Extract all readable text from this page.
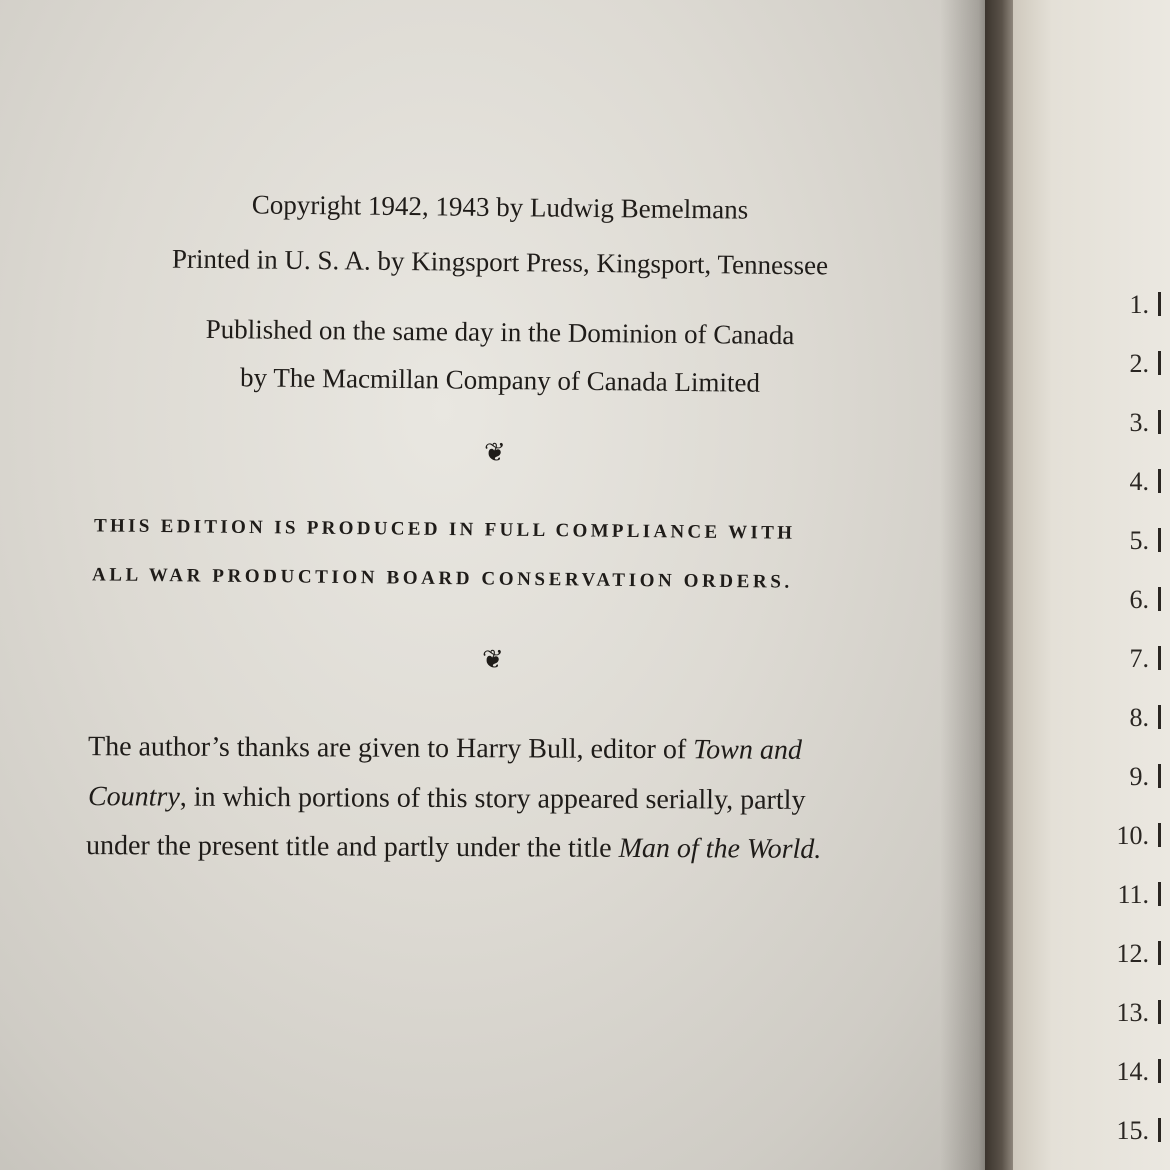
Copyright 1942, 1943 by Ludwig Bemelmans
Printed in U. S. A. by Kingsport Press, Kingsport, Tennessee
Published on the same day in the Dominion of Canada
by The Macmillan Company of Canada Limited
❦
THIS EDITION IS PRODUCED IN FULL COMPLIANCE WITH
ALL WAR PRODUCTION BOARD CONSERVATION ORDERS.
❦
The author’s thanks are given to Harry Bull, editor of Town and
Country, in which portions of this story appeared serially, partly
under the present title and partly under the title Man of the World.
1.
2.
3.
4.
5.
6.
7.
8.
9.
10.
11.
12.
13.
14.
15.
